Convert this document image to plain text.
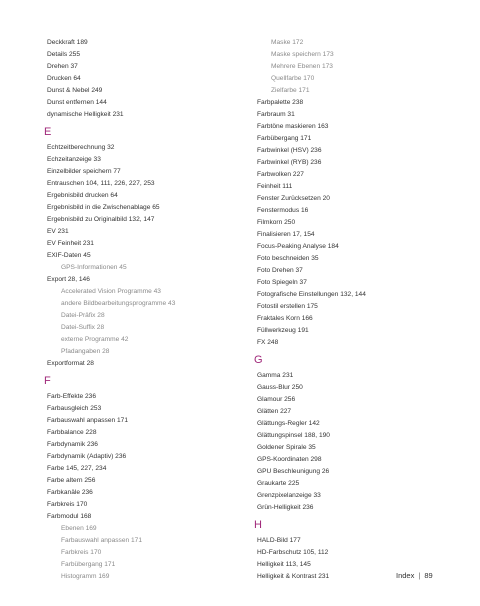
Deckkraft 189
Details 255
Drehen 37
Drucken 64
Dunst & Nebel 249
Dunst entfernen 144
dynamische Helligkeit 231
E
Echtzeitberechnung 32
Echzeitanzeige 33
Einzelbilder speichern 77
Entrauschen 104, 111, 226, 227, 253
Ergebnisbild drucken 64
Ergebnisbild in die Zwischenablage 65
Ergebnisbild zu Originalbild 132, 147
EV 231
EV Feinheit 231
EXIF-Daten 45
GPS-Informationen 45
Export 28, 146
Accelerated Vision Programme 43
andere Bildbearbeitungsprogramme 43
Datei-Präfix 28
Datei-Suffix 28
externe Programme 42
Pfadangaben 28
Exportformat 28
F
Farb-Effekte 236
Farbausgleich 253
Farbauswahl anpassen 171
Farbbalance 228
Farbdynamik 236
Farbdynamik (Adaptiv) 236
Farbe 145, 227, 234
Farbe altern 256
Farbkanäle 236
Farbkreis 170
Farbmodul 168
Ebenen 169
Farbauswahl anpassen 171
Farbkreis 170
Farbübergang 171
Histogramm 169
Maske 172
Maske speichern 173
Mehrere Ebenen 173
Quellfarbe 170
Zielfarbe 171
Farbpalette 238
Farbraum 31
Farbtöne maskieren 163
Farbübergang 171
Farbwinkel (HSV) 236
Farbwinkel (RYB) 236
Farbwolken 227
Feinheit 111
Fenster Zurücksetzen 20
Fenstermodus 16
Filmkorn 250
Finalisieren 17, 154
Focus-Peaking Analyse 184
Foto beschneiden 35
Foto Drehen 37
Foto Spiegeln 37
Fotografische Einstellungen 132, 144
Fotostil erstellen 175
Fraktales Korn 166
Füllwerkzeug 191
FX 248
G
Gamma 231
Gauss-Blur 250
Glamour 256
Glätten 227
Glättungs-Regler 142
Glättungspinsel 188, 190
Goldener Spirale 35
GPS-Koordinaten 298
GPU Beschleunigung 26
Graukarte 225
Grenzpixelanzeige 33
Grün-Helligkeit 236
H
HALD-Bild 177
HD-Farbschutz 105, 112
Helligkeit 113, 145
Helligkeit & Kontrast 231	Index | 89
